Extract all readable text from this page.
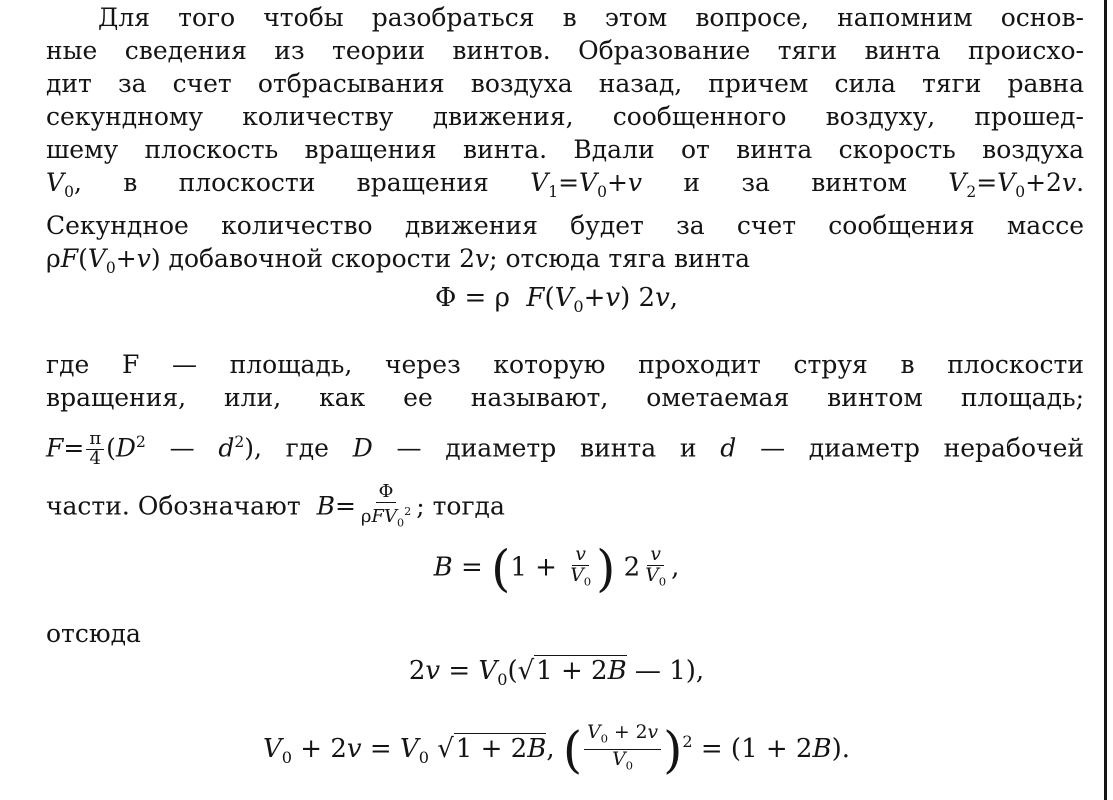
Для того чтобы разобраться в этом вопросе, напомним основ-
ные сведения из теории винтов. Образование тяги винта происхо-
дит за счет отбрасывания воздуха назад, причем сила тяги равна
секундному количеству движения, сообщенного воздуху, прошед-
шему плоскость вращения винта. Вдали от винта скорость воздуха
$V_0$, в плоскости вращения $V_1=V_0+v$ и за винтом $V_2=V_0+2v$.
Секундное количество движения будет за счет сообщения массе
$\rho F(V_0+v)$ добавочной скорости 2v; отсюда тяга винта
Φ = ρ  $F(V_0+v)$ 2v,
где F — площадь, через которую проходит струя в плоскости
вращения, или, как ее называют, ометаемая винтом площадь;
$F= \frac{\pi}{4} (D^2$ — $d^2$), где D — диаметр винта и d — диаметр нерабочей
части. Обозначают $B= \frac{\Phi}{\rho FV_0^2}$ ; тогда
$B = (1 + \frac{v}{V_0}$ ) $2 \frac{v}{V_0}$ ,
отсюда
$2v = V_0(√1 + 2B$ — 1),
$V_0 + 2v = V_0$ √1 + 2B, ( $\frac{V_0 + 2v}{V_0} )^2 = (1 + 2B)$.
